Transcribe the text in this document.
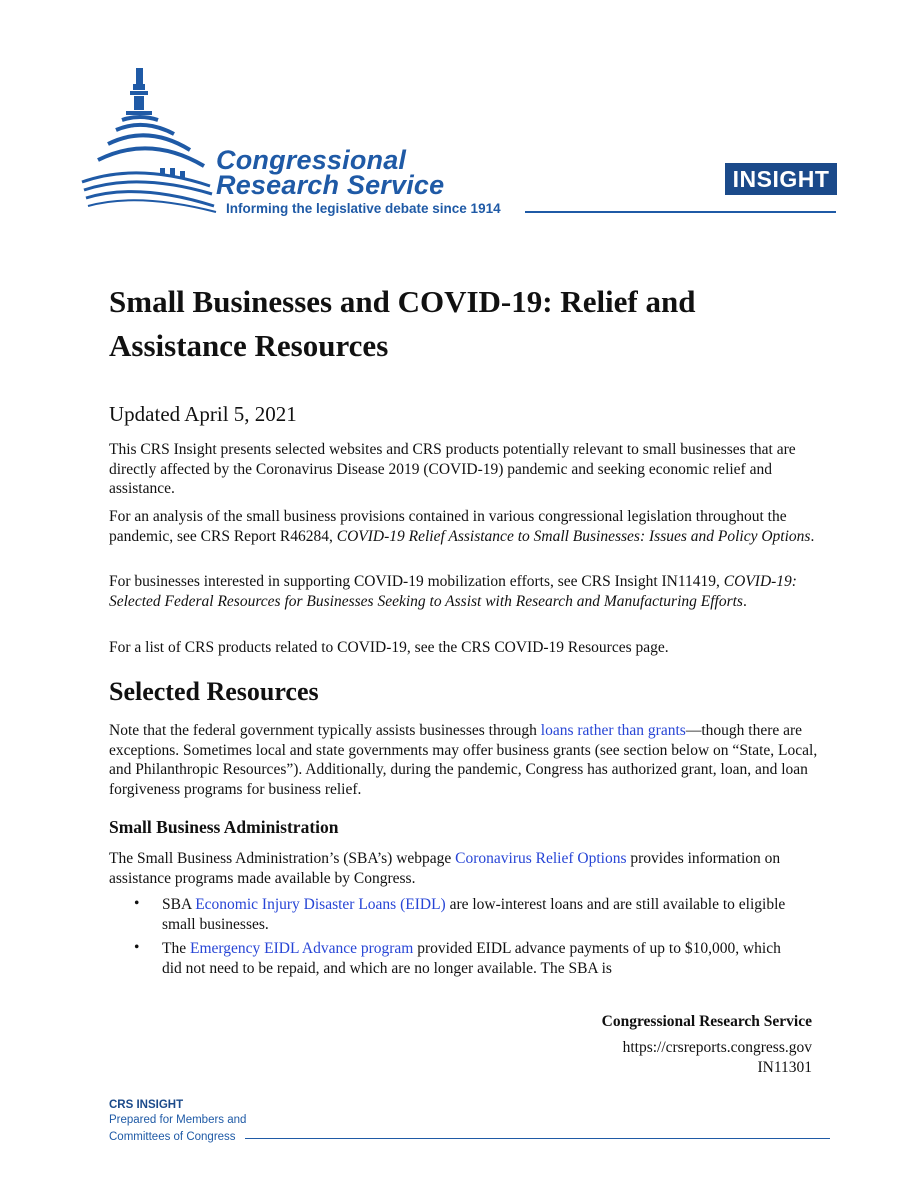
Congressional
Research Service
Informing the legislative debate since 1914
INSIGHT
Small Businesses and COVID-19: Relief and Assistance Resources
Updated April 5, 2021

This CRS Insight presents selected websites and CRS products potentially relevant to small businesses that are directly affected by the Coronavirus Disease 2019 (COVID-19) pandemic and seeking economic relief and assistance.

For an analysis of the small business provisions contained in various congressional legislation throughout the pandemic, see CRS Report R46284, COVID-19 Relief Assistance to Small Businesses: Issues and Policy Options.

For businesses interested in supporting COVID-19 mobilization efforts, see CRS Insight IN11419, COVID-19: Selected Federal Resources for Businesses Seeking to Assist with Research and Manufacturing Efforts.

For a list of CRS products related to COVID-19, see the CRS COVID-19 Resources page.

Selected Resources

Note that the federal government typically assists businesses through loans rather than grants—though there are exceptions. Sometimes local and state governments may offer business grants (see section below on “State, Local, and Philanthropic Resources”). Additionally, during the pandemic, Congress has authorized grant, loan, and loan forgiveness programs for business relief.

Small Business Administration

The Small Business Administration’s (SBA’s) webpage Coronavirus Relief Options provides information on assistance programs made available by Congress.

• SBA Economic Injury Disaster Loans (EIDL) are low-interest loans and are still available to eligible small businesses.

• The Emergency EIDL Advance program provided EIDL advance payments of up to $10,000, which did not need to be repaid, and which are no longer available. The SBA is

Congressional Research Service
https://crsreports.congress.gov
IN11301
CRS INSIGHT
Prepared for Members and
Committees of Congress
